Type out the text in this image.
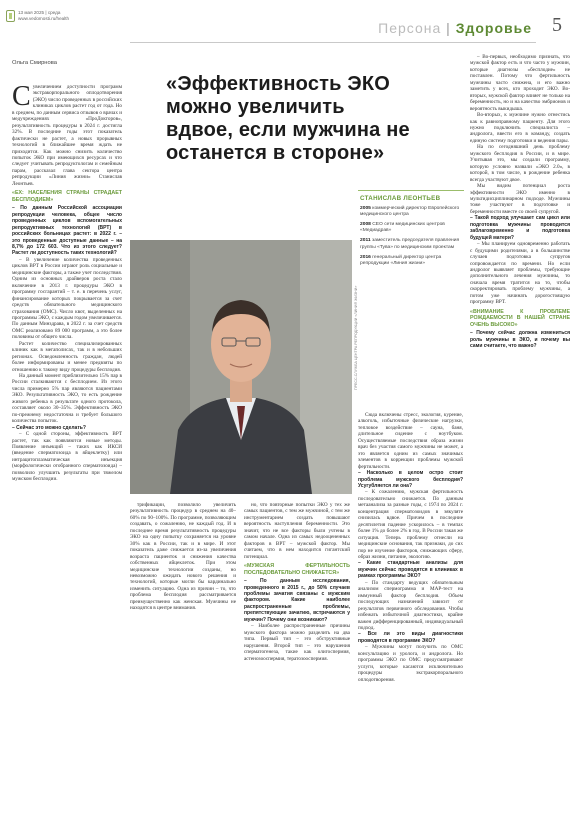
13 мая 2025 | среда
www.vedomosti.ru/health
Персона | Здоровье 5
Ольга Смирнова
«Эффективность ЭКО можно увеличить вдвое, если мужчина не останется в стороне»

Сувеличением доступности программ экстракорпорального оплодотворения (ЭКО) число проведенных в российских клиниках циклов растет год от года. Но в среднем, по данным сервиса отзывов о врачах и медучреждениях «ПроДокторов», результативность процедуры в 2024 г. достигла 32%. В последние годы этот показатель фактически не растет, а новых прорывных технологий в ближайшее время ждать не приходится. Как можно снизить количество попыток ЭКО при имеющихся ресурсах и что следует учитывать репродуктологам и семейным парам, рассказал глава сектора центра репродукции «Линия жизни» Станислав Леонтьев.

«ЕХ: НАСЕЛЕНИЯ СТРАНЫ СТРАДАЕТ БЕСПЛОДИЕМ»

– По данным Российской ассоциации репродукции человека, общее число проведенных циклов вспомогательных репродуктивных технологий (ВРТ) в российских больницах растет: в 2022 г. – это проведенные доступные данные – на 8,7% до 172 603. Что из этого следует? Растет ли доступность таких технологий?

– В увеличение количества проведенных циклов ВРТ в России играют роль социальные и медицинские факторы, а также учет последствия. Одним из основных драйверов роста стало включение в 2013 г. процедуры ЭКО в программу госгарантий – т. е. в перечень услуг, финансирование которых покрывается за счет средств обязательного медицинского страхования (ОМС). Число квот, выделенных на программы ЭКО, с каждым годом увеличивается. По данным Минздрава, в 2022 г. за счет средств ОМС реализовано 89 000 программ, а это более половины от общего числа.

Растет количество специализированных клиник как в мегаполисах, так и в небольших регионах. Осведомленность граждан, людей более информированы и менее предвзяты по отношению к такому виду процедуры бесплодия.

На данный момент приблизительно 15% пар в России сталкиваются с бесплодием. Из этого числа примерно 5% пар являются пациентами ЭКО. Результативность ЭКО, то есть рождение живого ребенка в результате одного протокола, составляет около 30–35%. Эффективность ЭКО по-прежнему недостаточна и требует большого количества попыток.

– Сейчас это можно сделать?

– С одной стороны, эффективность ВРТ растет, так как появляются новые методы. Появление инъекций – таких как ИКСИ (введение сперматозоида в яйцеклетку) или интрацитоплазматическая инъекция (морфологически отобранного сперматозоида) – позволило улучшить результаты при тяжелом мужском бесплодии.

ПРЕСС-СЛУЖБА ЦЕНТРА РЕПРОДУКЦИИ «ЛИНИЯ ЖИЗНИ»
СТАНИСЛАВ ЛЕОНТЬЕВ
2005 коммерческий директор Европейского медицинского центра
2008 СЕО сети медицинских центров «Медиадрав»
2011 заместитель председателя правления группы «Тува» по медицинским проектам
2016 генеральный директор центра репродукции «Линия жизни»

трификации, позволило увеличить результативность процедур в среднем на 40–60% по 90–100%. По программе, позволяющим создавать, о сожалению, не каждый год. И в последнее время результативность процедуры ЭКО на одну попытку сохраняется на уровне 30% как в России, так и в мире. И этот показатель даже снижается из-за увеличения возраста пациенток и снижения качества собственных яйцеклеток. При этом медицинские технологии созданы, но невозможно ожидать нового решения и технологий, которые могли бы кардинально изменить ситуацию. Одна из причин – то, что проблема бесплодия рассматривается преимущественно как женская. Мужчины не находятся в центре внимания.

но, что повторные попытки ЭКО у тех же самых пациентов, с тем же мужчиной, с тем же инструментарием создать повышают вероятность наступления беременности. Это значит, что не все факторы были учтены в самом начале. Одна из самых недооцененных факторов в ВРТ – мужской фактор. Мы считаем, что в нем находится гигантский потенциал.

«МУЖСКАЯ ФЕРТИЛЬНОСТЬ ПОСЛЕДОВАТЕЛЬНО СНИЖАЕТСЯ»

– По данным исследования, проведенного в 2015 г., до 50% случаев проблемы зачатия связаны с мужским фактором. Какие наиболее распространенные проблемы, препятствующие зачатию, встречаются у мужчин? Почему они возникают?

– Наиболее распространенные причины мужского фактора можно разделить на два типа. Первый тип – это обструктивные нарушения. Второй тип – это нарушения сперматогенеза, такие как олигоспермия, астенозооспермия, тератозооспермия.

Сюда включены стресс, экология, курение, алкоголь, избыточные физические нагрузки, тепловое воздействие – сауна, баня, длительное сидение с ноутбуком. Осуществляемые последствия образа жизни врач без участия самого мужчины не может, а это является одним из самых значимых элементов в коррекции проблемы мужской фертильности.

– Насколько в целом остро стоит проблема мужского бесплодия? Усугубляется ли она?

– К сожалению, мужская фертильность последовательно снижается. По данным метаанализа за разные годы, с 1974 по 2024 г. концентрация сперматозоидов в эякуляте снизилась вдвое. Причем в последние десятилетия падение ускорилось – в темпах более 1% до более 2% в год. В России такая же ситуация. Теперь проблему отнесли на медицинские основания, так признаки, до сих пор не изучение факторов, снижающих сферу, образ жизни, питание, экологию.

– Какие стандартные анализы для мужчин сейчас проводятся в клиниках в рамках программы ЭКО?

– По стандарту ведущих обязательным анализом спермограмма и МАР-тест на иммунный фактор бесплодия. Объем последующих назначений зависит от результатов первичного обследования. Чтобы избежать избыточной диагностики, крайне важен дифференцированный, индивидуальный подход.

– Все ли это виды диагностики проводятся в программе ЭКО?

– Мужчины могут получить по ОМС консультацию и уролога, и андролога. Но программы ЭКО по ОМС предусматривают услуги, которые касаются исключительно процедуры экстракорпорального оплодотворения.

– Во-первых, необходимо признать, что мужской фактор есть и что часто у мужчин, которые диагнозы «бесплодие» не поставлен. Потому что фертильность мужчины часто снижена, и его важно заметить у всех, кто проходит ЭКО. Во-вторых, мужской фактор влияет не только на беременность, но и на качество эмбрионов и вероятность выкидыша.

Во-вторых, к мужчине нужно отнестись как к равноправному пациенту. Для этого нужно подключить специалиста – андролога, ввести его в команду, создать единую систему подготовки и ведения пары.

На по сегодняшний день проблему мужского бесплодия в России, и в мире. Учитывая это, мы создали программу, которую условно назвали «ЭКО 2.0», в которой, в том числе, в рождение ребенка всегда участвуют двое.

Мы видим потенциал роста эффективности ЭКО именно в мультидисциплинарном подходе. Мужчины тоже участвуют в подготовке и беременности вместе со своей супругой.

– Такой подход улучшает сам цикл или подготовка мужчины проводится заблаговременно и подготовка будущей матери?

– Мы планируем одновременно работать с будущими родителями, а в большинстве случаев подготовка супругов сопровождается по времени. Но если андролог выявляет проблемы, требующие дополнительного лечения мужчины, то сначала время тратится на то, чтобы скорректировать проблему мужчины, а потом уже начинать дорогостоящую программу ВРТ.

«ВНИМАНИЕ К ПРОБЛЕМЕ РОЖДАЕМОСТИ В НАШЕЙ СТРАНЕ ОЧЕНЬ ВЫСОКО»

– Почему сейчас должна измениться роль мужчины в ЭКО, и почему вы сами считаете, что важно?
